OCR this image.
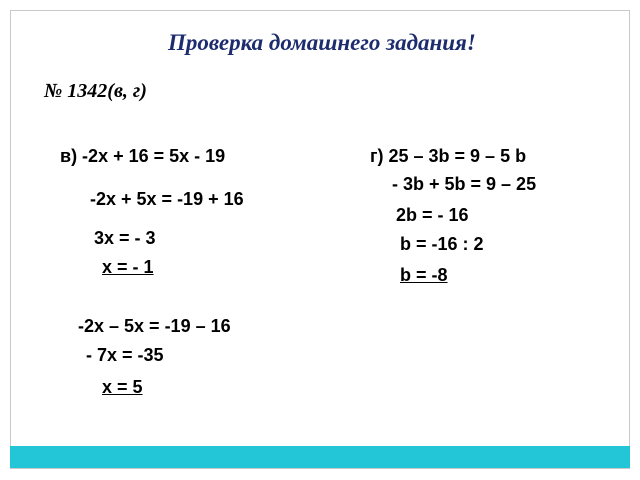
Проверка домашнего задания!
№ 1342(в, г)
в) -2х + 16 = 5х - 19
-2х + 5х = -19 + 16
3х = - 3
х = - 1
-2х – 5х = -19 – 16
- 7х = -35
х = 5
г) 25 – 3b = 9 – 5 b
- 3b + 5b = 9 – 25
2b = - 16
b = -16 : 2
b = -8
